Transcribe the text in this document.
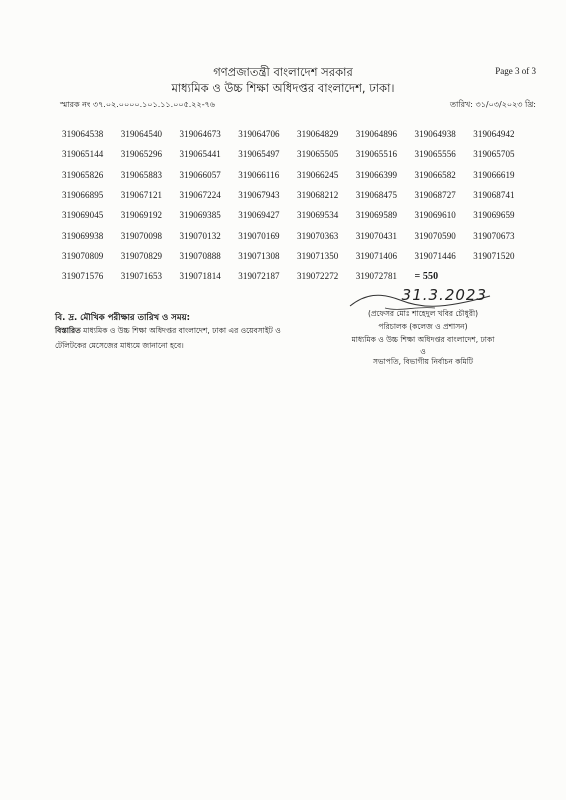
গণপ্রজাতন্ত্রী বাংলাদেশ সরকার
মাধ্যমিক ও উচ্চ শিক্ষা অধিদপ্তর বাংলাদেশ, ঢাকা।
Page 3 of 3
স্মারক নং ৩৭.০২.০০০০.১০১.১১.০০৫.২২-৭৬	তারিখ: ৩১/০৩/২০২৩ খ্রি:
319064538	319064540	319064673	319064706	319064829	319064896	319064938	319064942
319065144	319065296	319065441	319065497	319065505	319065516	319065556	319065705
319065826	319065883	319066057	319066116	319066245	319066399	319066582	319066619
319066895	319067121	319067224	319067943	319068212	319068475	319068727	319068741
319069045	319069192	319069385	319069427	319069534	319069589	319069610	319069659
319069938	319070098	319070132	319070169	319070363	319070431	319070590	319070673
319070809	319070829	319070888	319071308	319071350	319071406	319071446	319071520
319071576	319071653	319071814	319072187	319072272	319072781	= 550
বি. দ্র. মৌখিক পরীক্ষার তারিখ ও সময়:
বিস্তারিত মাধ্যমিক ও উচ্চ শিক্ষা অধিদপ্তর বাংলাদেশ, ঢাকা এর ওয়েবসাইট ও
টেলিটকের মেসেজের মাধ্যমে জানানো হবে।
31.3.2023
(প্রফেসর মোঃ শাহেদুল খবির চৌধুরী)
পরিচালক (কলেজ ও প্রশাসন)
মাধ্যমিক ও উচ্চ শিক্ষা অধিদপ্তর বাংলাদেশ, ঢাকা
ও
সভাপতি, বিভাগীয় নির্বাচন কমিটি
